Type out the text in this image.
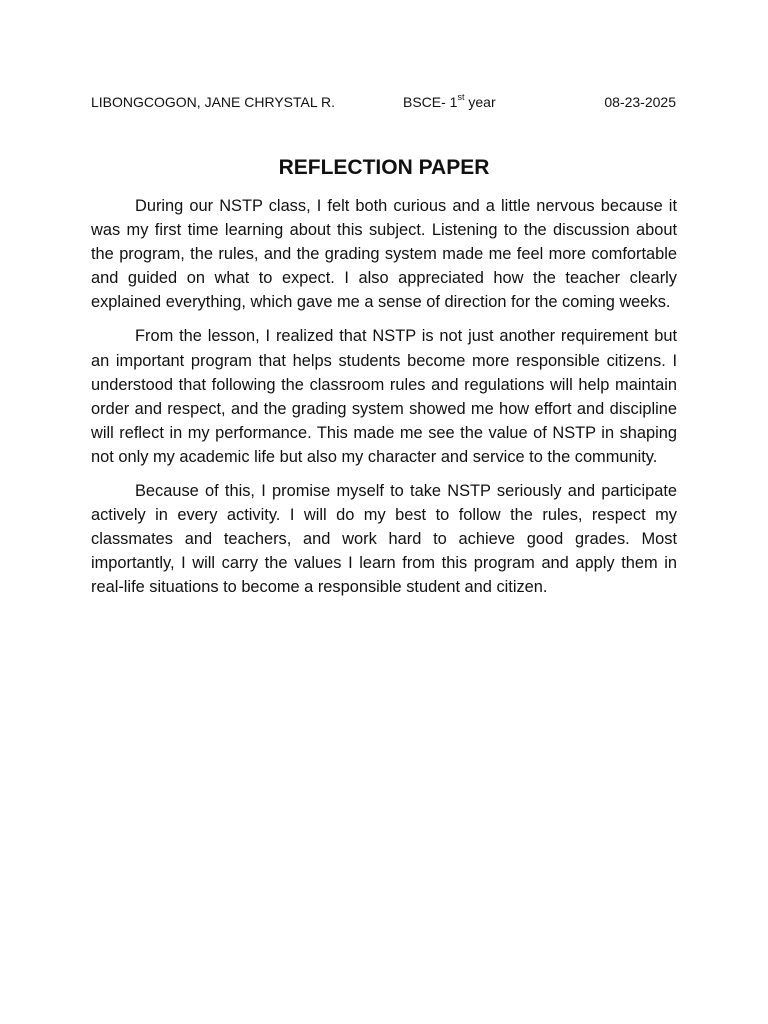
LIBONGCOGON, JANE CHRYSTAL R.	BSCE- 1st year	08-23-2025
REFLECTION PAPER

During our NSTP class, I felt both curious and a little nervous because it was my first time learning about this subject. Listening to the discussion about the program, the rules, and the grading system made me feel more comfortable and guided on what to expect. I also appreciated how the teacher clearly explained everything, which gave me a sense of direction for the coming weeks.

From the lesson, I realized that NSTP is not just another requirement but an important program that helps students become more responsible citizens. I understood that following the classroom rules and regulations will help maintain order and respect, and the grading system showed me how effort and discipline will reflect in my performance. This made me see the value of NSTP in shaping not only my academic life but also my character and service to the community.

Because of this, I promise myself to take NSTP seriously and participate actively in every activity. I will do my best to follow the rules, respect my classmates and teachers, and work hard to achieve good grades. Most importantly, I will carry the values I learn from this program and apply them in real-life situations to become a responsible student and citizen.
